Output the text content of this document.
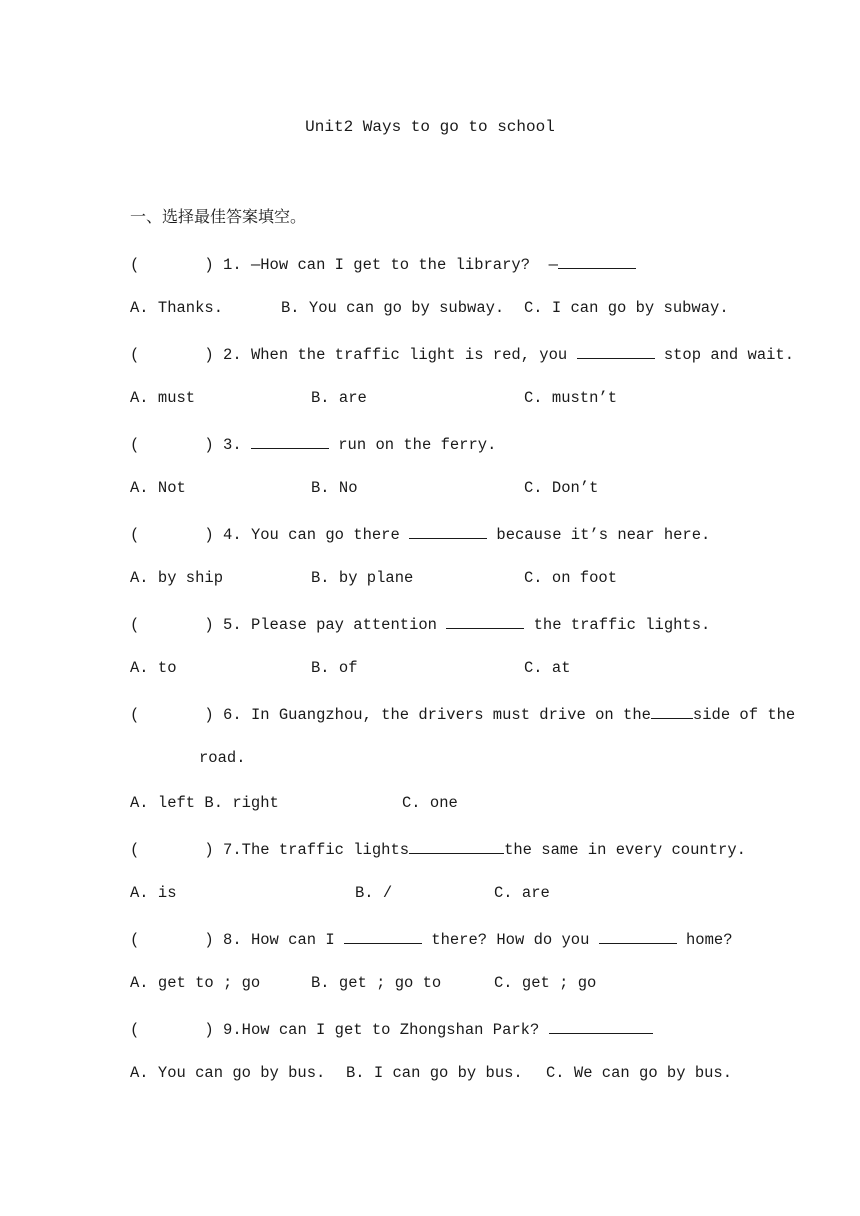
Unit2 Ways to go to school
一、选择最佳答案填空。
(       ) 1. —How can I get to the library?  —
A. Thanks.	B. You can go by subway. C. I can go by subway.
(       ) 2. When the traffic light is red, you	stop and wait.
A. must	B. are	C. mustn’t
(       ) 3.	run on the ferry.
A. Not	B. No	C. Don’t
(       ) 4. You can go there	because it’s near here.
A. by ship	B. by plane	C. on foot
(       ) 5. Please pay attention	the traffic lights.
A. to	B. of	C. at
(       ) 6. In Guangzhou, the drivers must drive on the	side of the
road.
A. left B. right	C. one
(       ) 7.The traffic lights	the same in every country.
A. is	B. /	C. are
(       ) 8. How can I	there? How do you	home?
A. get to ; go	B. get ; go to	C. get ; go
(       ) 9.How can I get to Zhongshan Park?
A. You can go by bus. B. I can go by bus. C. We can go by bus.
